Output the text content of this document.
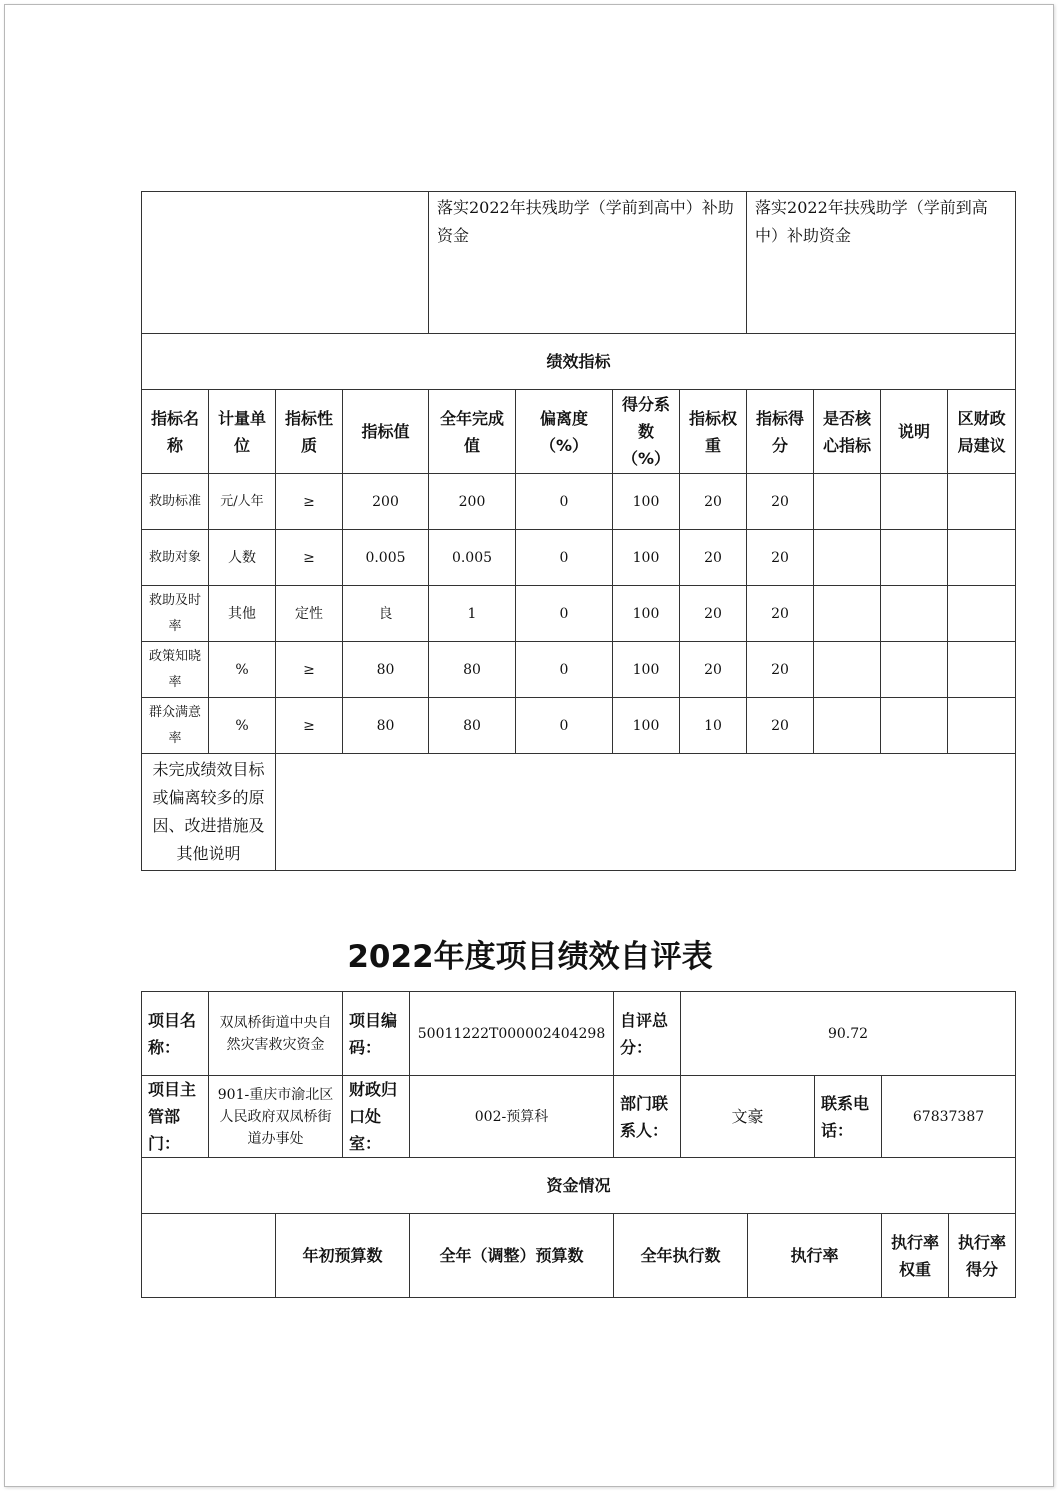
				落实2022年扶残助学（学前到高中）补助资金				落实2022年扶残助学（学前到高中）补助资金			
绩效指标											
指标名称	计量单位	指标性质	指标值	全年完成值	偏离度（%）	得分系数（%）	指标权重	指标得分	是否核心指标	说明	区财政局建议
救助标准	元/人年	≥	200	200	0	100	20	20			
救助对象	人数	≥	0.005	0.005	0	100	20	20			
救助及时率	其他	定性	良	1	0	100	20	20			
政策知晓率	%	≥	80	80	0	100	20	20			
群众满意率	%	≥	80	80	0	100	10	20			
未完成绩效目标或偏离较多的原因、改进措施及其他说明											
2022年度项目绩效自评表
项目名称：	双凤桥街道中央自然灾害救灾资金		项目编码：	50011222T000002404298	自评总分：	90.72				
项目主管部门：	901-重庆市渝北区人民政府双凤桥街道办事处		财政归口处室：	002-预算科	部门联系人：	文豪		联系电话：	67837387	
资金情况										
		年初预算数		全年（调整）预算数	全年执行数		执行率		执行率权重	执行率得分
